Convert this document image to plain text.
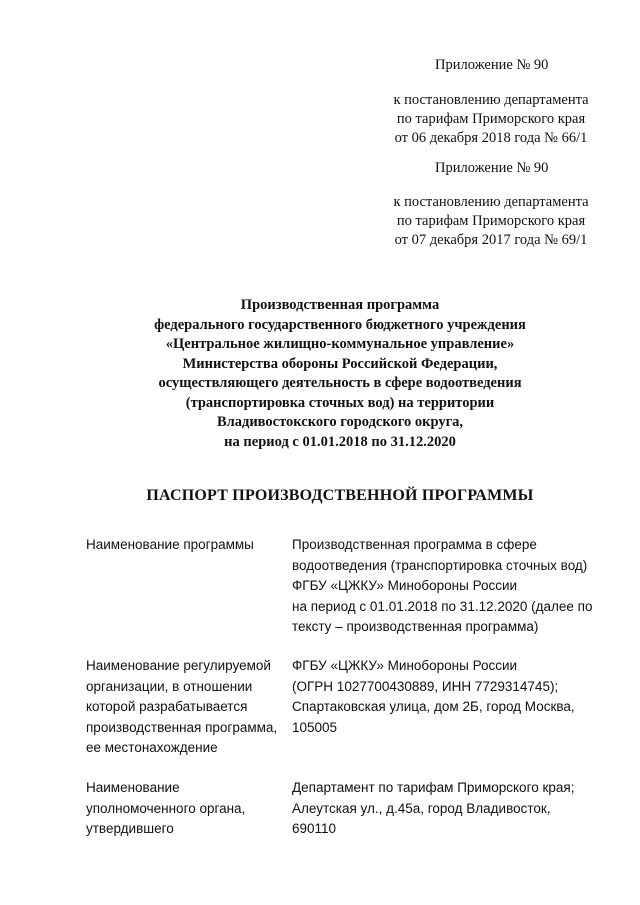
Приложение № 90
к постановлению департамента
по тарифам Приморского края
от 06 декабря 2018 года № 66/1
Приложение № 90
к постановлению департамента
по тарифам Приморского края
от 07 декабря 2017 года № 69/1
Производственная программа
федерального государственного бюджетного учреждения
«Центральное жилищно-коммунальное управление»
Министерства обороны Российской Федерации,
осуществляющего деятельность в сфере водоотведения
(транспортировка сточных вод) на территории
Владивостокского городского округа,
на период с 01.01.2018 по 31.12.2020
ПАСПОРТ ПРОИЗВОДСТВЕННОЙ ПРОГРАММЫ
Наименование программы	Производственная программа в сфере
водоотведения (транспортировка сточных вод)
ФГБУ «ЦЖКУ» Минобороны России
на период с 01.01.2018 по 31.12.2020 (далее по
тексту – производственная программа)
Наименование регулируемой
организации, в отношении
которой разрабатывается
производственная программа,
ее местонахождение
ФГБУ «ЦЖКУ» Минобороны России
(ОГРН 1027700430889, ИНН 7729314745);
Спартаковская улица, дом 2Б, город Москва,
105005
Наименование
уполномоченного органа,
утвердившего
Департамент по тарифам Приморского края;
Алеутская ул., д.45а, город Владивосток,
690110
